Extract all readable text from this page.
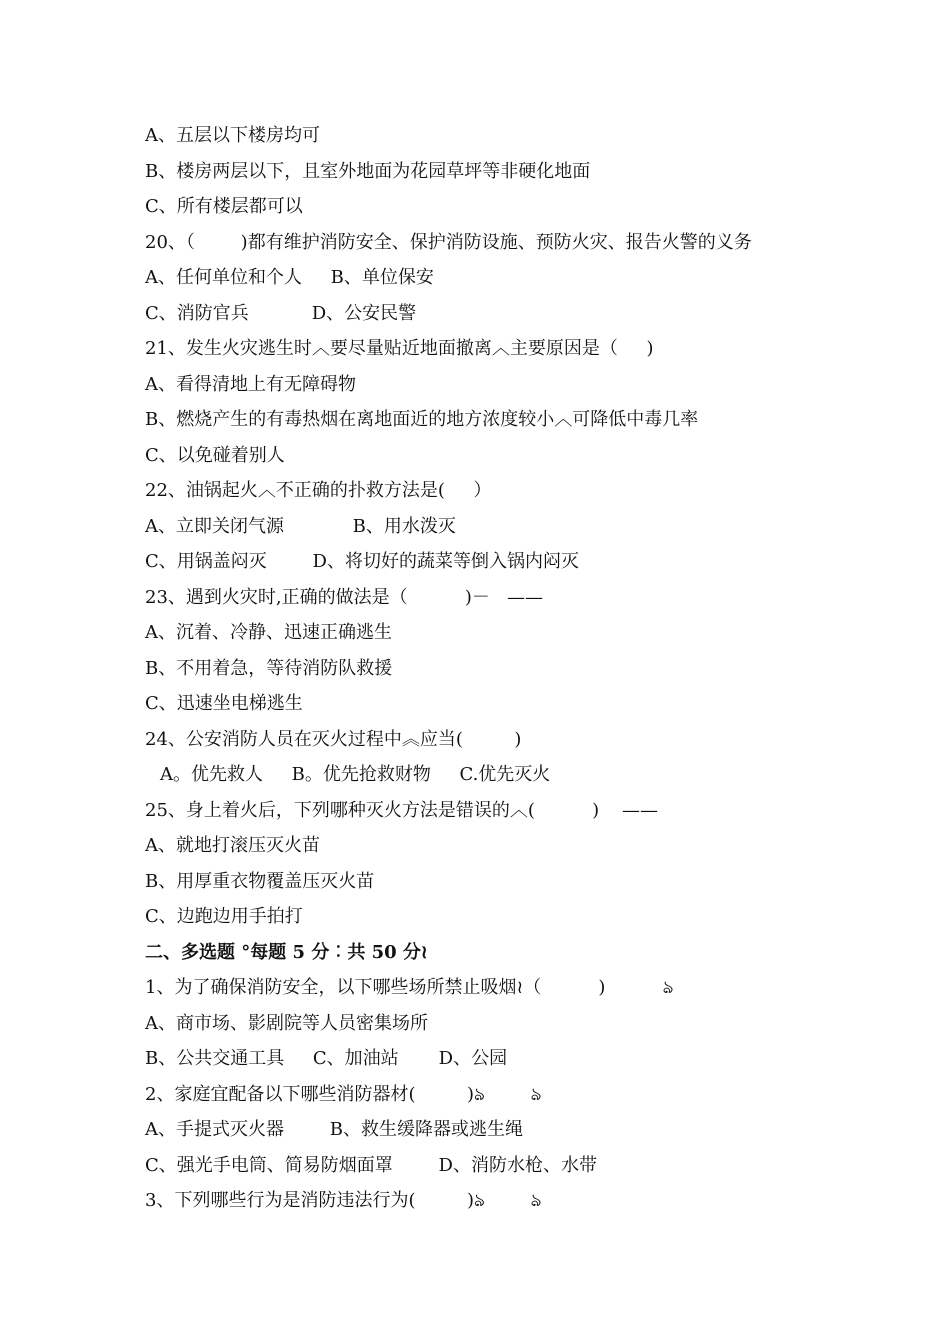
A、五层以下楼房均可
B、楼房两层以下，且室外地面为花园草坪等非硬化地面
C、所有楼层都可以
20、（        )都有维护消防安全、保护消防设施、预防火灾、报告火警的义务
A、任何单位和个人     B、单位保安
C、消防官兵           D、公安民警
21、发生火灾逃生时︿要尽量贴近地面撤离︿主要原因是（     )
A、看得清地上有无障碍物
B、燃烧产生的有毒热烟在离地面近的地方浓度较小︿可降低中毒几率
C、以免碰着别人
22、油锅起火︿不正确的扑救方法是(     ）
A、立即关闭气源            B、用水泼灭
C、用锅盖闷灭        D、将切好的蔬菜等倒入锅内闷灭
23、遇到火灾时,正确的做法是（          )－   ——
A、沉着、冷静、迅速正确逃生
B、不用着急，等待消防队救援
C、迅速坐电梯逃生
24、公安消防人员在灭火过程中︽应当(         )
A。优先救人     B。优先抢救财物     C.优先灭火
25、身上着火后，下列哪种灭火方法是错误的︿(          )    ——
A、就地打滚压灭火苗
B、用厚重衣物覆盖压灭火苗
C、边跑边用手拍打
二、多选题 °每题 5 分︰共 50 分≀
1、为了确保消防安全，以下哪些场所禁止吸烟≀（          )          ঌ
A、商市场、影剧院等人员密集场所
B、公共交通工具     C、加油站       D、公园
2、家庭宜配备以下哪些消防器材(         )ঌ        ঌ
A、手提式灭火器        B、救生缓降器或逃生绳
C、强光手电筒、简易防烟面罩        D、消防水枪、水带
3、下列哪些行为是消防违法行为(         )ঌ        ঌ
